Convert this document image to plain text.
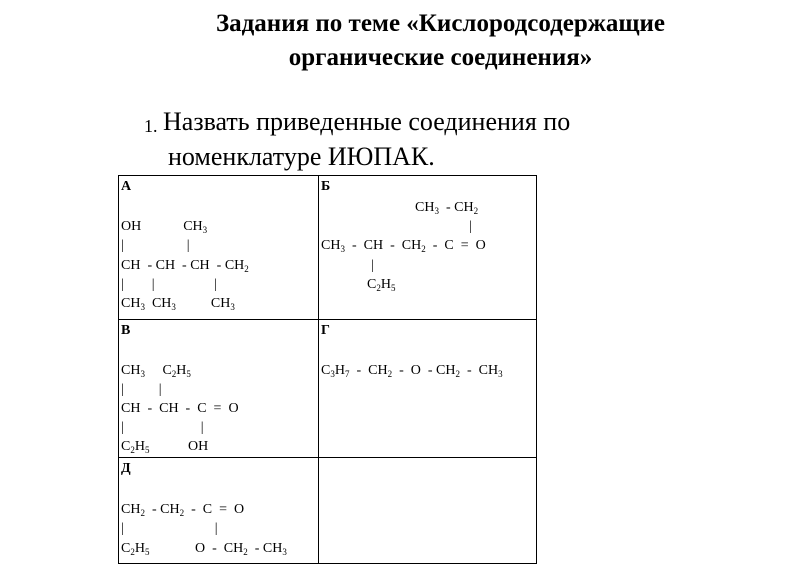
Задания по теме «Кислородсодержащие
органические соединения»
1. Назвать приведенные соединения по
номенклатуре ИЮПАК.
А
OH            $CH_3$
|                  |
CH  - CH  - CH  - $CH_2$
|        |                 |
$CH_3$  $CH_3$          $CH_3$
Б
$CH_3 - CH_2$
|
$CH_3$  -  CH  -  $CH_2 - C = O$
|
$C_2H_5$
В
$CH_3$     $C_2H_5$
|          |
CH  -  CH  -  C  =  O
|                      |
$C_2H_5$           OH
Г
$C_3H_7 - CH_2$  -  O  - $CH_2 - CH_3$
Д
$CH_2 - CH_2 - C = O$
|                          |
$C_2H_5$             O  -  $CH_2 - CH_3$
